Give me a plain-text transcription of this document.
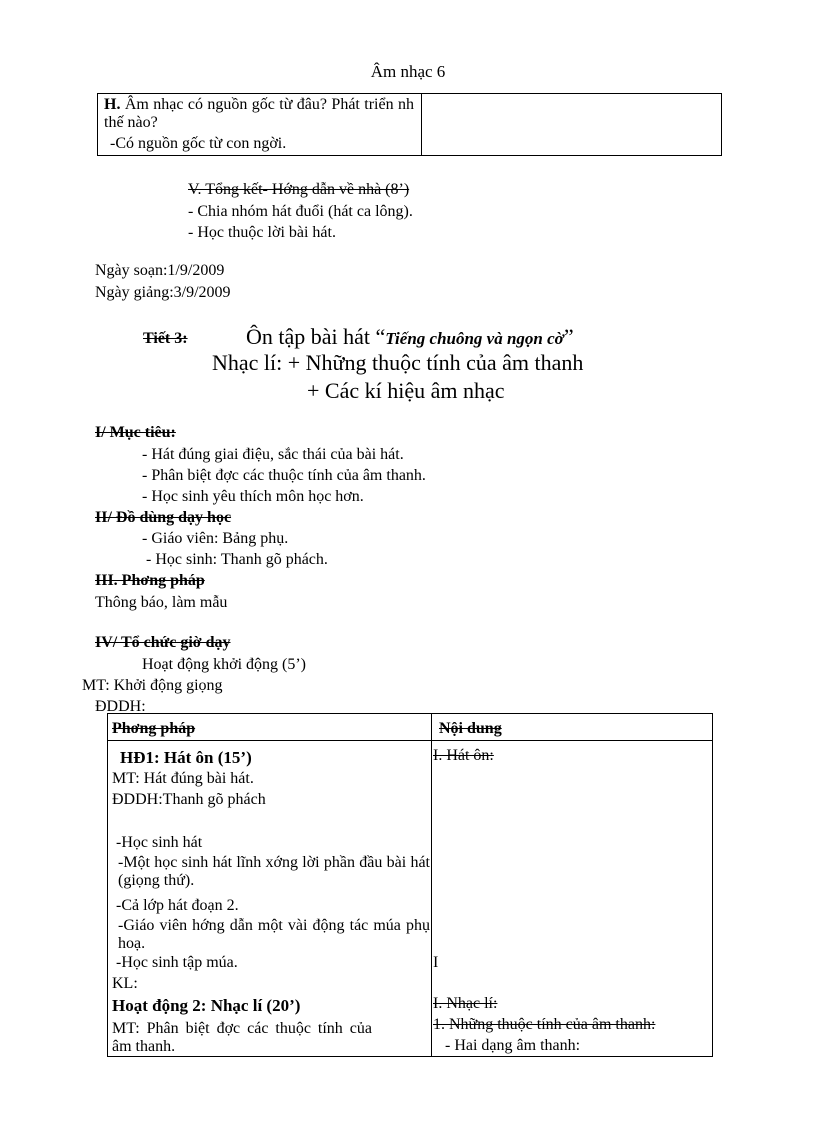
Âm nhạc 6
H. Âm nhạc có nguồn gốc từ đâu? Phát triển nh thế nào?
-Có nguồn gốc từ con ngời.
V. Tổng kết- Hớng dẫn về nhà (8’)
- Chia nhóm hát đuổi (hát ca lông).
- Học thuộc lời bài hát.
Ngày soạn:1/9/2009
Ngày giảng:3/9/2009
Tiết 3:	Ôn tập bài hát “Tiếng chuông và ngọn cờ”
Nhạc lí: + Những thuộc tính của âm thanh
+ Các kí hiệu âm nhạc
I/ Mục tiêu:
- Hát đúng giai điệu, sắc thái của bài hát.
- Phân biệt đợc các thuộc tính của âm thanh.
- Học sinh yêu thích môn học hơn.
II/ Đồ dùng dạy học
- Giáo viên: Bảng phụ.
- Học sinh: Thanh gõ phách.
III. Phơng pháp
Thông báo, làm mẫu
IV/ Tổ chức giờ dạy
Hoạt động khởi động (5’)
MT: Khởi động giọng
ĐDDH:
Phơng pháp	Nội dung
HĐ1: Hát ôn (15’)
MT: Hát đúng bài hát.
ĐDDH:Thanh gõ phách
-Học sinh hát
-Một học sinh hát lĩnh xớng lời phần đầu bài hát (giọng thứ).
-Cả lớp hát đoạn 2.
-Giáo viên hớng dẫn một vài động tác múa phụ hoạ.
-Học sinh tập múa.
KL:
Hoạt động 2: Nhạc lí (20’)
MT: Phân biệt đợc các thuộc tính của âm thanh.
I. Hát ôn:
I
I. Nhạc lí:
1. Những thuộc tính của âm thanh:
- Hai dạng âm thanh:
